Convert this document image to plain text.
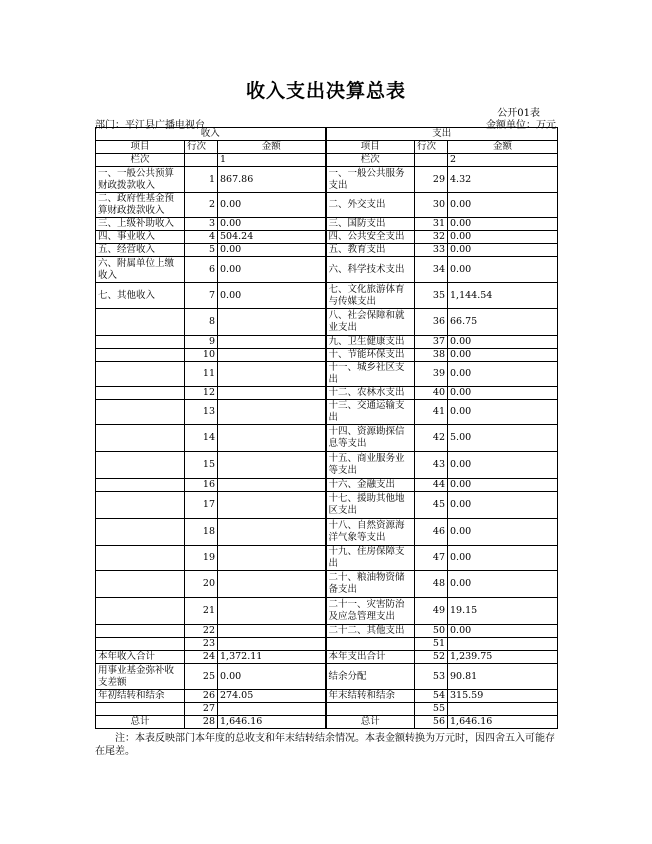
收入支出决算总表
公开01表
部门：平江县广播电视台	金额单位：万元
收入			支出		
项目	行次	金额	项目	行次	金额
栏次		1	栏次		2
一、一般公共预算财政拨款收入	1	867.86	一、一般公共服务支出	29	4.32
二、政府性基金预算财政拨款收入	2	0.00	二、外交支出	30	0.00
三、上级补助收入	3	0.00	三、国防支出	31	0.00
四、事业收入	4	504.24	四、公共安全支出	32	0.00
五、经营收入	5	0.00	五、教育支出	33	0.00
六、附属单位上缴收入	6	0.00	六、科学技术支出	34	0.00
七、其他收入	7	0.00	七、文化旅游体育与传媒支出	35	1,144.54
	8		八、社会保障和就业支出	36	66.75
	9		九、卫生健康支出	37	0.00
	10		十、节能环保支出	38	0.00
	11		十一、城乡社区支出	39	0.00
	12		十二、农林水支出	40	0.00
	13		十三、交通运输支出	41	0.00
	14		十四、资源勘探信息等支出	42	5.00
	15		十五、商业服务业等支出	43	0.00
	16		十六、金融支出	44	0.00
	17		十七、援助其他地区支出	45	0.00
	18		十八、自然资源海洋气象等支出	46	0.00
	19		十九、住房保障支出	47	0.00
	20		二十、粮油物资储备支出	48	0.00
	21		二十一、灾害防治及应急管理支出	49	19.15
	22		二十二、其他支出	50	0.00
	23			51	
本年收入合计	24	1,372.11	本年支出合计	52	1,239.75
用事业基金弥补收支差额	25	0.00	结余分配	53	90.81
年初结转和结余	26	274.05	年末结转和结余	54	315.59
	27			55	
总计	28	1,646.16	总计	56	1,646.16
注：本表反映部门本年度的总收支和年末结转结余情况。本表金额转换为万元时，因四舍五入可能存在尾差。
